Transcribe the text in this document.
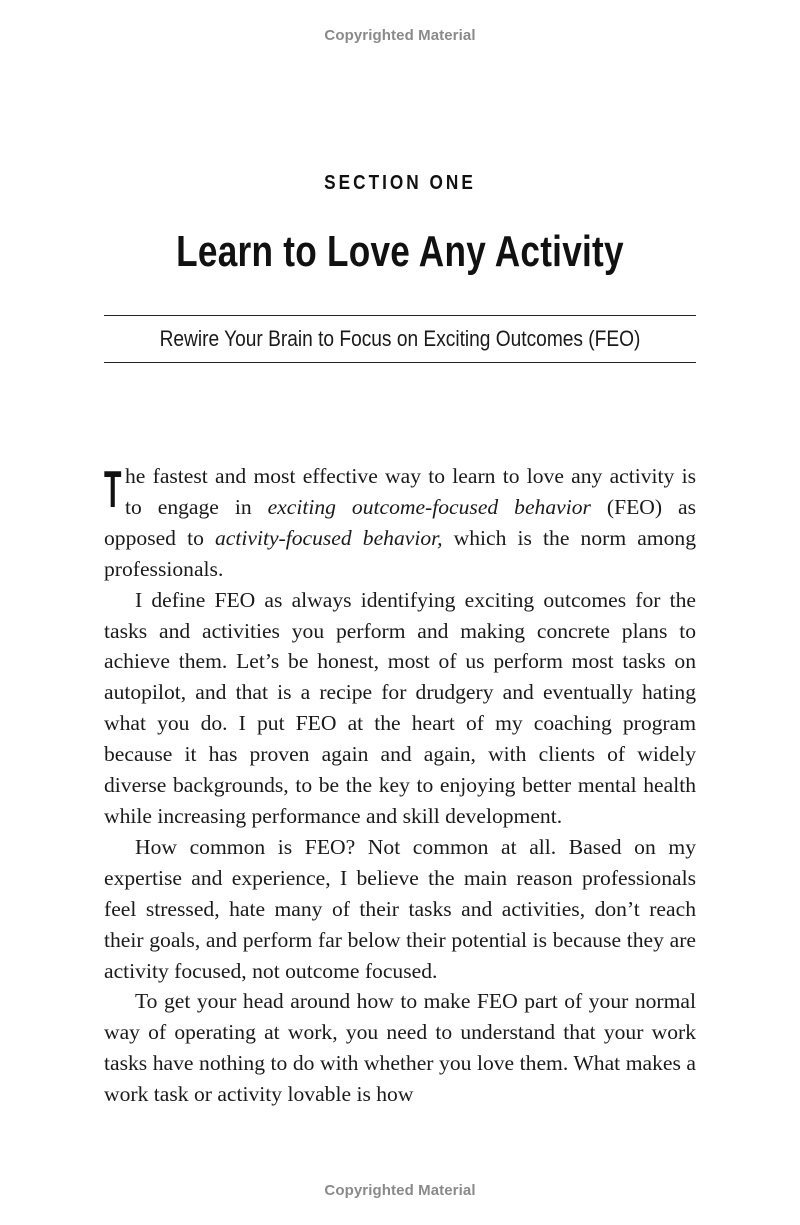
Copyrighted Material
SECTION ONE
Learn to Love Any Activity
Rewire Your Brain to Focus on Exciting Outcomes (FEO)

The fastest and most effective way to learn to love any activity is to engage in exciting outcome-focused behavior (FEO) as opposed to activity-focused behavior, which is the norm among professionals.

I define FEO as always identifying exciting outcomes for the tasks and activities you perform and making concrete plans to achieve them. Let’s be honest, most of us perform most tasks on autopilot, and that is a recipe for drudgery and eventually hating what you do. I put FEO at the heart of my coaching program because it has proven again and again, with clients of widely diverse backgrounds, to be the key to enjoying better mental health while increasing performance and skill development.

How common is FEO? Not common at all. Based on my expertise and experience, I believe the main reason professionals feel stressed, hate many of their tasks and activities, don’t reach their goals, and perform far below their potential is because they are activity focused, not outcome focused.

To get your head around how to make FEO part of your normal way of operating at work, you need to understand that your work tasks have nothing to do with whether you love them. What makes a work task or activity lovable is how

Copyrighted Material
